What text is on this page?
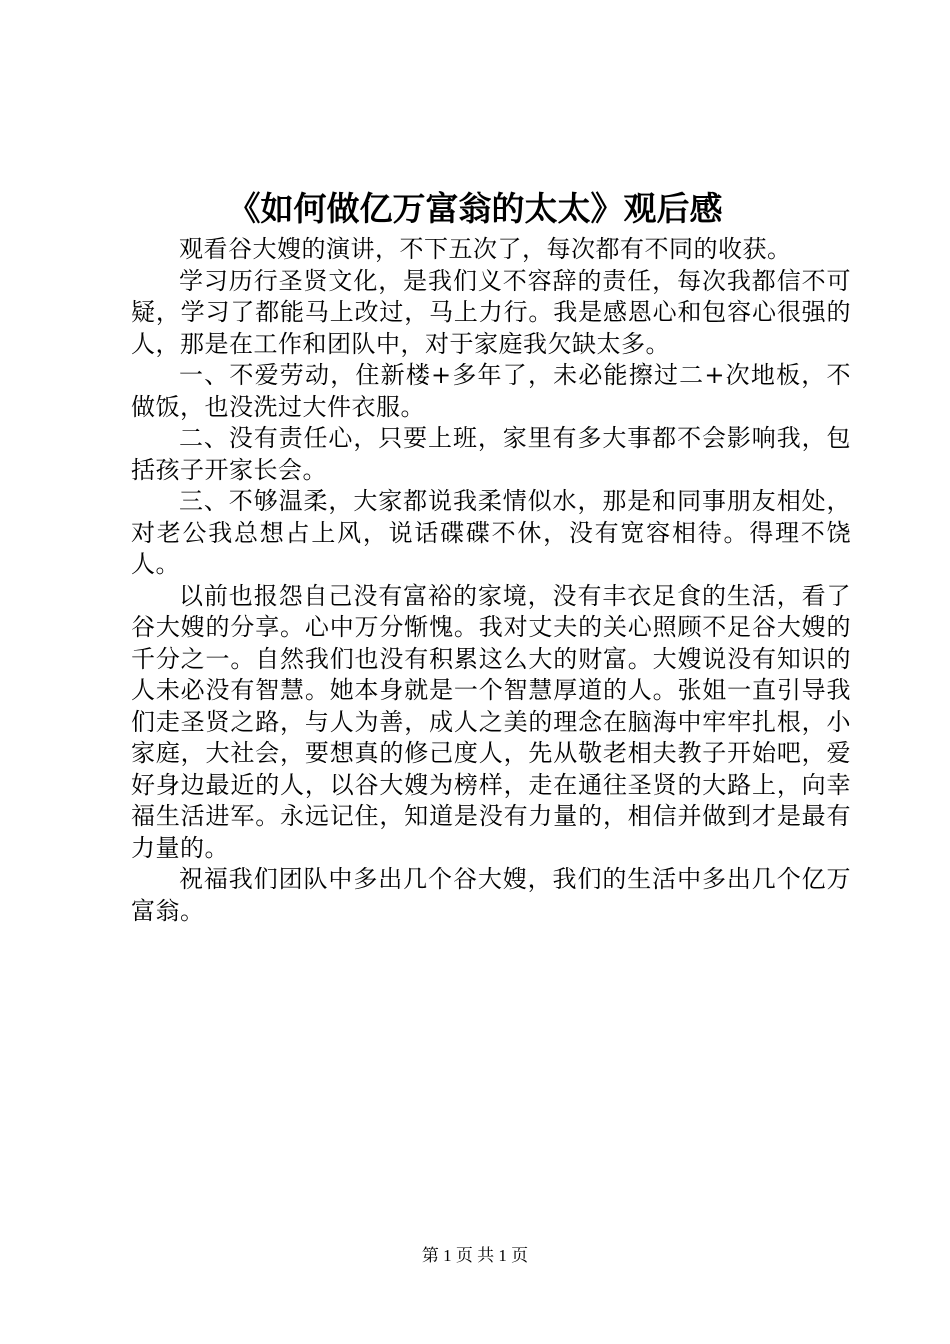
《如何做亿万富翁的太太》观后感

观看谷大嫂的演讲，不下五次了，每次都有不同的收获。

学习历行圣贤文化，是我们义不容辞的责任，每次我都信不可疑，学习了都能马上改过，马上力行。我是感恩心和包容心很强的人，那是在工作和团队中，对于家庭我欠缺太多。

一、不爱劳动，住新楼+多年了，未必能擦过二+次地板，不做饭，也没洗过大件衣服。

二、没有责任心，只要上班，家里有多大事都不会影响我，包括孩子开家长会。

三、不够温柔，大家都说我柔情似水，那是和同事朋友相处，对老公我总想占上风，说话碟碟不休，没有宽容相待。得理不饶人。

以前也报怨自己没有富裕的家境，没有丰衣足食的生活，看了谷大嫂的分享。心中万分惭愧。我对丈夫的关心照顾不足谷大嫂的千分之一。自然我们也没有积累这么大的财富。大嫂说没有知识的人未必没有智慧。她本身就是一个智慧厚道的人。张姐一直引导我们走圣贤之路，与人为善，成人之美的理念在脑海中牢牢扎根，小家庭，大社会，要想真的修己度人，先从敬老相夫教子开始吧，爱好身边最近的人，以谷大嫂为榜样，走在通往圣贤的大路上，向幸福生活进军。永远记住，知道是没有力量的，相信并做到才是最有力量的。

祝福我们团队中多出几个谷大嫂，我们的生活中多出几个亿万富翁。

第 1 页 共 1 页
